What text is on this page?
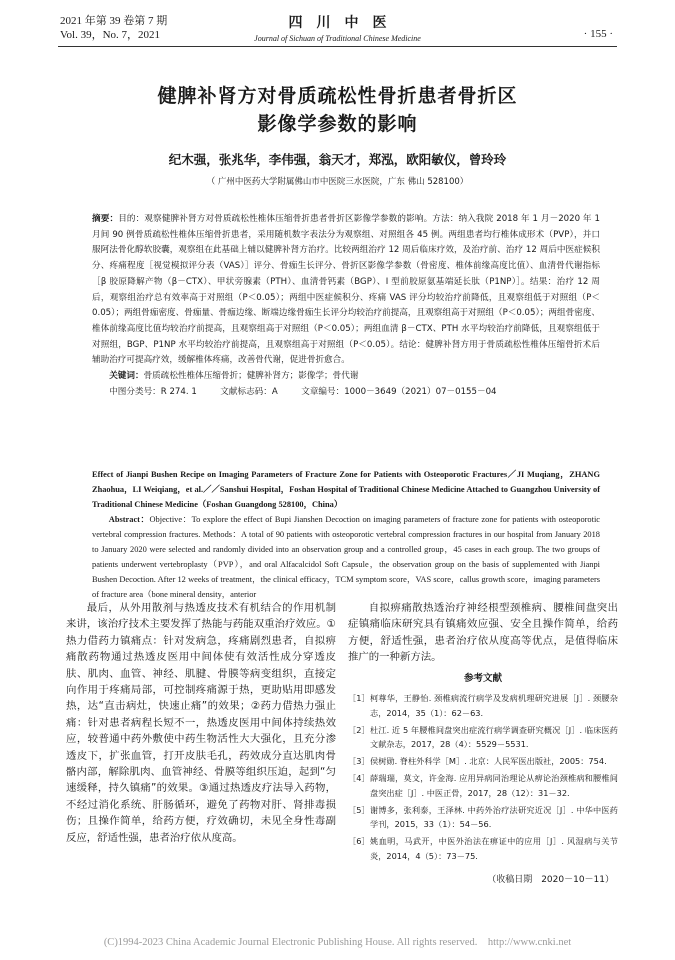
2021 年第 39 卷第 7 期
Vol. 39，No. 7，2021
四川中医
Journal of Sichuan of Traditional Chinese Medicine	· 155 ·
健脾补肾方对骨质疏松性骨折患者骨折区
影像学参数的影响
纪木强，张兆华，李伟强，翁天才，郑泓，欧阳敏仪，曾玲玲
（ 广州中医药大学附属佛山市中医院三水医院，广东 佛山 528100）
摘要：目的：观察健脾补肾方对骨质疏松性椎体压缩骨折患者骨折区影像学参数的影响。方法：纳入我院 2018 年 1 月－2020 年 1 月间 90 例骨质疏松性椎体压缩骨折患者，采用随机数字表法分为观察组、对照组各 45 例。两组患者均行椎体成形术（PVP），并口服阿法骨化醇软胶囊，观察组在此基础上辅以健脾补肾方治疗。比较两组治疗 12 周后临床疗效，及治疗前、治疗 12 周后中医症候积分、疼痛程度［视觉模拟评分表（VAS）］评分、骨痂生长评分、骨折区影像学参数（骨密度、椎体前缘高度比值）、血清骨代谢指标［β 胶原降解产物（β－CTX）、甲状旁腺素（PTH）、血清骨钙素（BGP）、I 型前胶原氨基端延长肽（P1NP）］。结果：治疗 12 周后，观察组治疗总有效率高于对照组（P＜0.05）；两组中医症候积分、疼痛 VAS 评分均较治疗前降低，且观察组低于对照组（P＜0.05）；两组骨痂密度、骨痂量、骨痂边缘、断端边缘骨痂生长评分均较治疗前提高，且观察组高于对照组（P＜0.05）；两组骨密度、椎体前缘高度比值均较治疗前提高，且观察组高于对照组（P＜0.05）；两组血清 β－CTX、PTH 水平均较治疗前降低，且观察组低于对照组，BGP、P1NP 水平均较治疗前提高，且观察组高于对照组（P＜0.05）。结论：健脾补肾方用于骨质疏松性椎体压缩骨折术后辅助治疗可提高疗效，缓解椎体疼痛，改善骨代谢，促进骨折愈合。
关键词：骨质疏松性椎体压缩骨折；健脾补肾方；影像学；骨代谢
中图分类号：R 274. 1	文献标志码：A	文章编号：1000－3649（2021）07－0155－04
Effect of Jianpi Bushen Recipe on Imaging Parameters of Fracture Zone for Patients with Osteoporotic Fractures／JI Muqiang，ZHANG Zhaohua，LI Weiqiang，et al.／／Sanshui Hospital，Foshan Hospital of Traditional Chinese Medicine Attached to Guangzhou University of Traditional Chinese Medicine（Foshan Guangdong 528100，China）
Abstract：Objective：To explore the effect of Bupi Jianshen Decoction on imaging parameters of fracture zone for patients with osteoporotic vertebral compression fractures. Methods：A total of 90 patients with osteoporotic vertebral compression fractures in our hospital from January 2018 to January 2020 were selected and randomly divided into an observation group and a controlled group，45 cases in each group. The two groups of patients underwent vertebroplasty（PVP），and oral Alfacalcidol Soft Capsule，the observation group on the basis of supplemented with Jianpi Bushen Decoction. After 12 weeks of treatment，the clinical efficacy，TCM symptom score，VAS score，callus growth score，imaging parameters of fracture area（bone mineral density，anterior
最后，从外用散剂与热透皮技术有机结合的作用机制来讲，该治疗技术主要发挥了热能与药能双重治疗效应。①热力借药力镇痛点：针对发病急，疼痛剧烈患者，自拟痹痛散药物通过热透皮医用中间体使有效活性成分穿透皮肤、肌肉、血管、神经、肌腱、骨膜等病变组织，直接定向作用于疼痛局部，可控制疼痛源于热，更助贴用即感发热，达“直击病灶，快速止痛”的效果；②药力借热力强止痛：针对患者病程长短不一，热透皮医用中间体持续热效应，较普通中药外敷使中药生物活性大大强化，且充分渗透皮下，扩张血管，打开皮肤毛孔，药效成分直达肌肉骨骼内部，解除肌肉、血管神经、骨膜等组织压迫，起到“匀速缓释，持久镇痛”的效果。③通过热透皮疗法导入药物，不经过消化系统、肝肠循环，避免了药物对肝、肾排毒损伤；且操作简单，给药方便，疗效确切，未见全身性毒副反应，舒适性强，患者治疗依从度高。
自拟痹痛散热透治疗神经根型颈椎病、腰椎间盘突出症镇痛临床研究具有镇痛效应强、安全且操作简单，给药方便，舒适性强，患者治疗依从度高等优点，是值得临床推广的一种新方法。
参考文献
［1］ 柯尊华，王静怡. 颈椎病流行病学及发病机理研究进展［J］. 颈腰杂志，2014，35（1）：62－63.
［2］ 杜江. 近 5 年腰椎间盘突出症流行病学调查研究概况［J］. 临床医药文献杂志，2017，28（4）：5529－5531.
［3］ 侯树勋. 脊柱外科学［M］. 北京：人民军医出版社，2005：754.
［4］ 薛瑞瑞，莫文，许金海. 应用异病同治理论从痹论治颈椎病和腰椎间盘突出症［J］. 中医正骨，2017，28（12）：31－32.
［5］ 谢博多，张利泰，王泽林. 中药外治疗法研究近况［J］. 中华中医药学刊，2015，33（1）：54－56.
［6］ 姚血明，马武开，中医外治法在痹证中的应用［J］. 风湿病与关节炎，2014，4（5）：73－75.
（收稿日期　2020－10－11）
(C)1994-2023 China Academic Journal Electronic Publishing House. All rights reserved.　http://www.cnki.net
